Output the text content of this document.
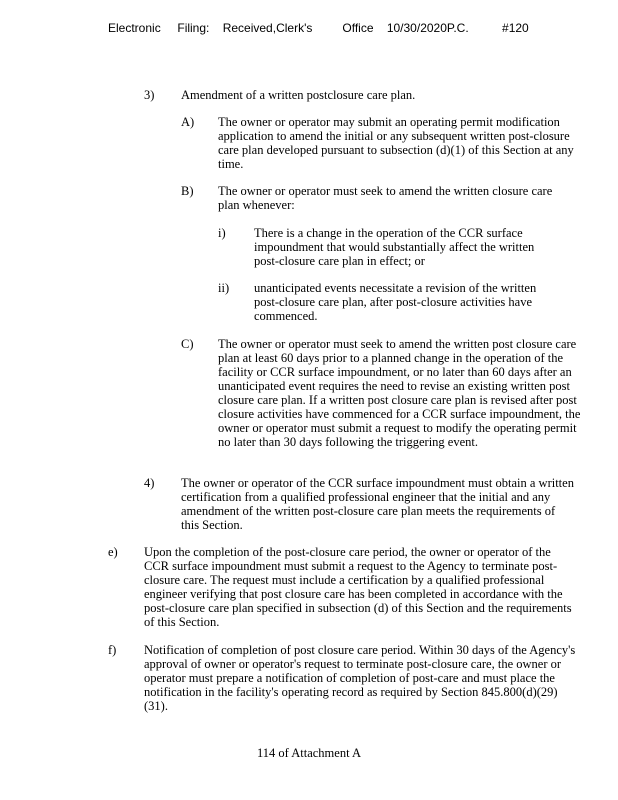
Electronic     Filing:    Received,Clerk's         Office    10/30/2020P.C.          #120
3) Amendment of a written postclosure care plan.
A) The owner or operator may submit an operating permit modification application to amend the initial or any subsequent written post-closure care plan developed pursuant to subsection (d)(1) of this Section at any time.
B) The owner or operator must seek to amend the written closure care plan whenever:
i) There is a change in the operation of the CCR surface impoundment that would substantially affect the written post-closure care plan in effect; or
ii) unanticipated events necessitate a revision of the written post-closure care plan, after post-closure activities have commenced.
C) The owner or operator must seek to amend the written post closure care plan at least 60 days prior to a planned change in the operation of the facility or CCR surface impoundment, or no later than 60 days after an unanticipated event requires the need to revise an existing written post closure care plan. If a written post closure care plan is revised after post closure activities have commenced for a CCR surface impoundment, the owner or operator must submit a request to modify the operating permit no later than 30 days following the triggering event.
4) The owner or operator of the CCR surface impoundment must obtain a written certification from a qualified professional engineer that the initial and any amendment of the written post-closure care plan meets the requirements of this Section.
e) Upon the completion of the post-closure care period, the owner or operator of the CCR surface impoundment must submit a request to the Agency to terminate post-closure care. The request must include a certification by a qualified professional engineer verifying that post closure care has been completed in accordance with the post-closure care plan specified in subsection (d) of this Section and the requirements of this Section.
f) Notification of completion of post closure care period. Within 30 days of the Agency's approval of owner or operator's request to terminate post-closure care, the owner or operator must prepare a notification of completion of post-care and must place the notification in the facility's operating record as required by Section 845.800(d)(29)(31).
114 of Attachment A
